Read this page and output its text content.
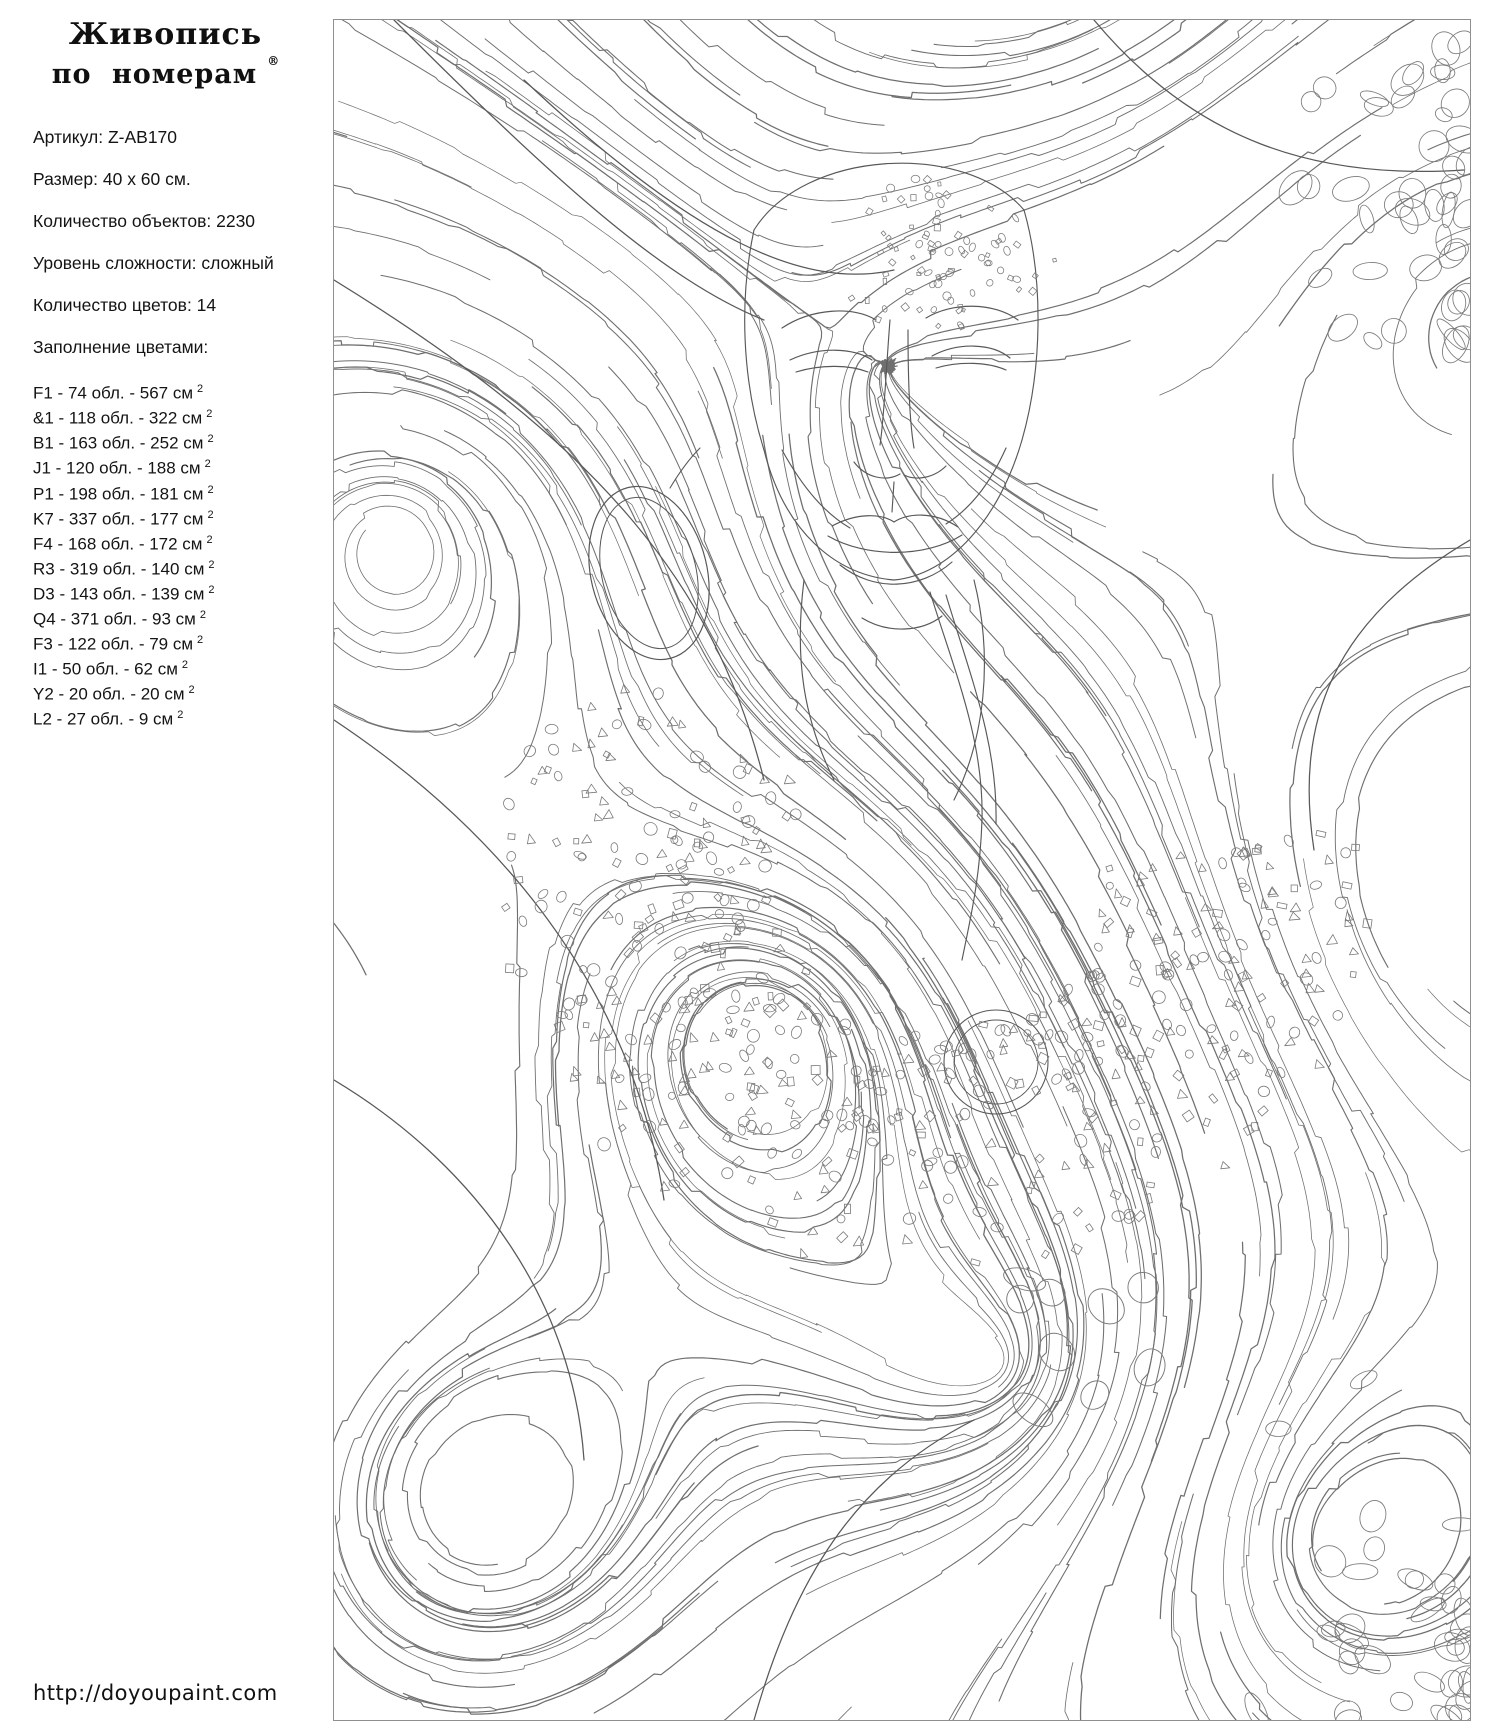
Живопись
по номерам ®
Артикул: Z-AB170
Размер: 40 х 60 см.
Количество объектов: 2230
Уровень сложности: сложный
Количество цветов: 14
Заполнение цветами:
F1 - 74 обл. - 567 см $^2$
&1 - 118 обл. - 322 см $^2$
B1 - 163 обл. - 252 см $^2$
J1 - 120 обл. - 188 см $^2$
P1 - 198 обл. - 181 см $^2$
K7 - 337 обл. - 177 см $^2$
F4 - 168 обл. - 172 см $^2$
R3 - 319 обл. - 140 см $^2$
D3 - 143 обл. - 139 см $^2$
Q4 - 371 обл. - 93 см $^2$
F3 - 122 обл. - 79 см $^2$
I1 - 50 обл. - 62 см $^2$
Y2 - 20 обл. - 20 см $^2$
L2 - 27 обл. - 9 см $^2$
http://doyoupaint.com
